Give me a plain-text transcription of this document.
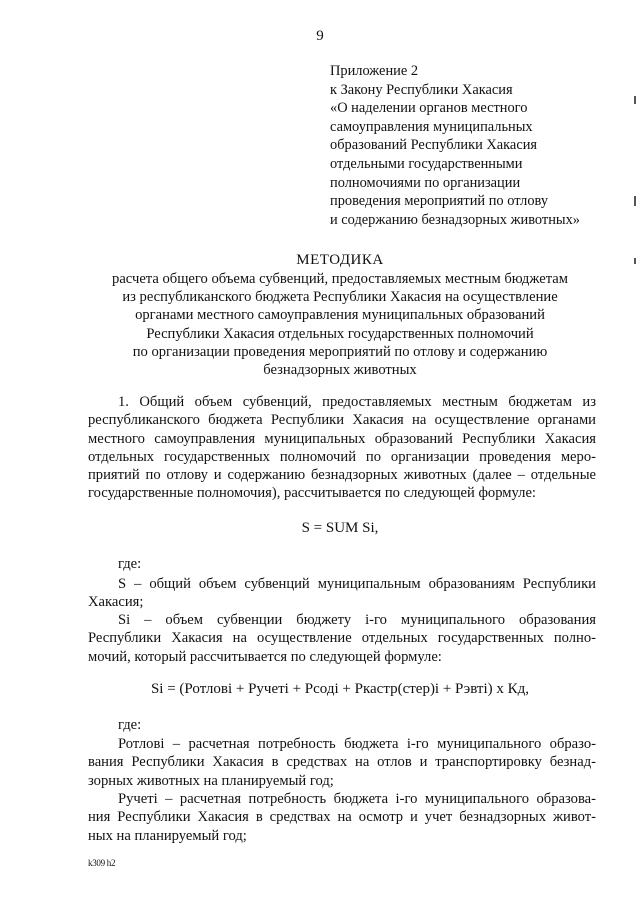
9
Приложение 2
к Закону Республики Хакасия
«О наделении органов местного
самоуправления муниципальных
образований Республики Хакасия
отдельными государственными
полномочиями по организации
проведения мероприятий по отлову
и содержанию безнадзорных животных»
МЕТОДИКА
расчета общего объема субвенций, предоставляемых местным бюджетам
из республиканского бюджета Республики Хакасия на осуществление
органами местного самоуправления муниципальных образований
Республики Хакасия отдельных государственных полномочий
по организации проведения мероприятий по отлову и содержанию
безнадзорных животных
1. Общий объем субвенций, предоставляемых местным бюджетам из
республиканского бюджета Республики Хакасия на осуществление органами
местного самоуправления муниципальных образований Республики Хакасия
отдельных государственных полномочий по организации проведения меро-
приятий по отлову и содержанию безнадзорных животных (далее – отдельные
государственные полномочия), рассчитывается по следующей формуле:
S = SUM Si,
где:
S – общий объем субвенций муниципальным образованиям Республики
Хакасия;
Si – объем субвенции бюджету i-го муниципального образования
Республики Хакасия на осуществление отдельных государственных полно-
мочий, который рассчитывается по следующей формуле:
Si = (Ротлові + Ручеті + Рсоді + Ркастр(стер)і + Рэвті) х Кд,
где:
Ротлові – расчетная потребность бюджета і-го муниципального образо-
вания Республики Хакасия в средствах на отлов и транспортировку безнад-
зорных животных на планируемый год;
Ручеті – расчетная потребность бюджета і-го муниципального образова-
ния Республики Хакасия в средствах на осмотр и учет безнадзорных живот-
ных на планируемый год;
k309 h2
